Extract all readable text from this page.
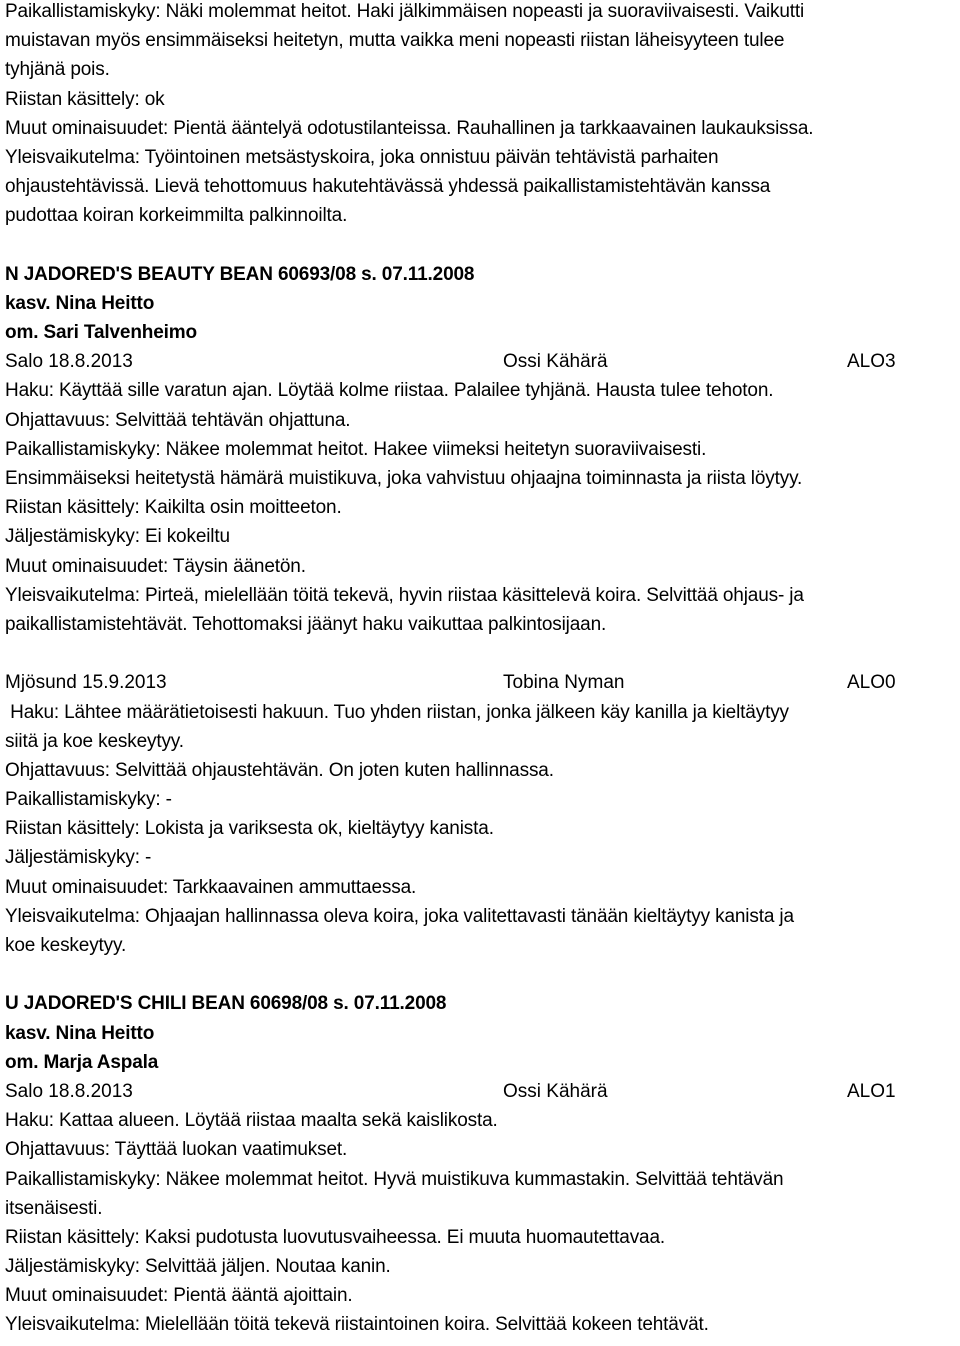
Paikallistamiskyky: Näki molemmat heitot. Haki jälkimmäisen nopeasti ja suoraviivaisesti. Vaikutti
muistavan myös ensimmäiseksi heitetyn, mutta vaikka meni nopeasti riistan läheisyyteen tulee
tyhjänä pois.
Riistan käsittely: ok
Muut ominaisuudet: Pientä ääntelyä odotustilanteissa. Rauhallinen ja tarkkaavainen laukauksissa.
Yleisvaikutelma: Työintoinen metsästyskoira, joka onnistuu päivän tehtävistä parhaiten
ohjaustehtävissä. Lievä tehottomuus hakutehtävässä yhdessä paikallistamistehtävän kanssa
pudottaa koiran korkeimmilta palkinnoilta.
N JADORED'S BEAUTY BEAN 60693/08 s. 07.11.2008
kasv. Nina Heitto
om. Sari Talvenheimo
Salo 18.8.2013	Ossi Kähärä	ALO3
Haku: Käyttää sille varatun ajan. Löytää kolme riistaa. Palailee tyhjänä. Hausta tulee tehoton.
Ohjattavuus: Selvittää tehtävän ohjattuna.
Paikallistamiskyky: Näkee molemmat heitot. Hakee viimeksi heitetyn suoraviivaisesti.
Ensimmäiseksi heitetystä hämärä muistikuva, joka vahvistuu ohjaajna toiminnasta ja riista löytyy.
Riistan käsittely: Kaikilta osin moitteeton.
Jäljestämiskyky: Ei kokeiltu
Muut ominaisuudet: Täysin äänetön.
Yleisvaikutelma: Pirteä, mielellään töitä tekevä, hyvin riistaa käsittelevä koira. Selvittää ohjaus- ja
paikallistamistehtävät. Tehottomaksi jäänyt haku vaikuttaa palkintosijaan.
Mjösund 15.9.2013	Tobina Nyman	ALO0
Haku: Lähtee määrätietoisesti hakuun. Tuo yhden riistan, jonka jälkeen käy kanilla ja kieltäytyy
siitä ja koe keskeytyy.
Ohjattavuus: Selvittää ohjaustehtävän. On joten kuten hallinnassa.
Paikallistamiskyky: -
Riistan käsittely: Lokista ja variksesta ok, kieltäytyy kanista.
Jäljestämiskyky: -
Muut ominaisuudet: Tarkkaavainen ammuttaessa.
Yleisvaikutelma: Ohjaajan hallinnassa oleva koira, joka valitettavasti tänään kieltäytyy kanista ja
koe keskeytyy.
U JADORED'S CHILI BEAN 60698/08 s. 07.11.2008
kasv. Nina Heitto
om. Marja Aspala
Salo 18.8.2013	Ossi Kähärä	ALO1
Haku: Kattaa alueen. Löytää riistaa maalta sekä kaislikosta.
Ohjattavuus: Täyttää luokan vaatimukset.
Paikallistamiskyky: Näkee molemmat heitot. Hyvä muistikuva kummastakin. Selvittää tehtävän
itsenäisesti.
Riistan käsittely: Kaksi pudotusta luovutusvaiheessa. Ei muuta huomautettavaa.
Jäljestämiskyky: Selvittää jäljen. Noutaa kanin.
Muut ominaisuudet: Pientä ääntä ajoittain.
Yleisvaikutelma: Mielellään töitä tekevä riistaintoinen koira. Selvittää kokeen tehtävät.
